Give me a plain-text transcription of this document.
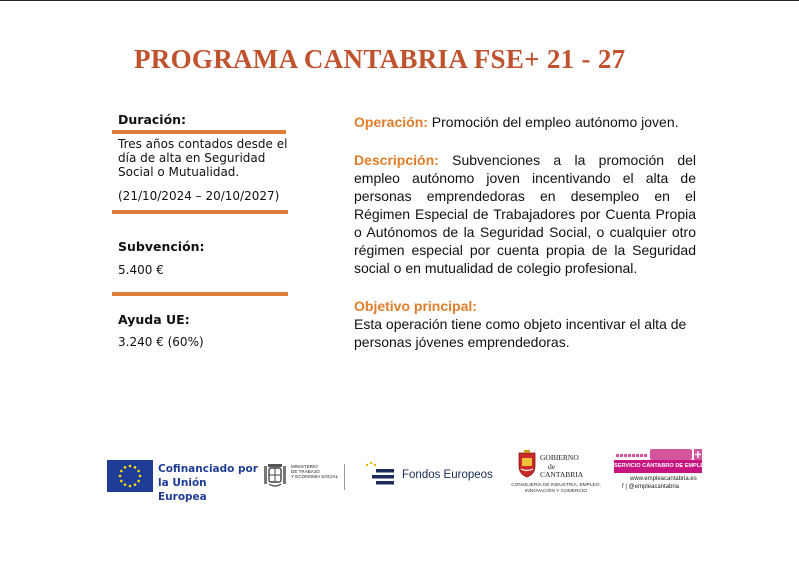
PROGRAMA CANTABRIA FSE+ 21 - 27
Duración:
Tres años contados desde el día de alta en Seguridad Social o Mutualidad.
(21/10/2024 – 20/10/2027)
Subvención:
5.400 €
Ayuda UE:
3.240 € (60%)

Operación: Promoción del empleo autónomo joven.

Descripción: Subvenciones a la promoción del empleo autónomo joven incentivando el alta de personas emprendedoras en desempleo en el Régimen Especial de Trabajadores por Cuenta Propia o Autónomos de la Seguridad Social, o cualquier otro régimen especial por cuenta propia de la Seguridad social o en mutualidad de colegio profesional.

Objetivo principal:
Esta operación tiene como objeto incentivar el alta de personas jóvenes emprendedoras.

Cofinanciado por
la Unión Europea
MINISTERIO
DE TRABAJO
Y ECONOMÍA SOCIAL	Fondos Europeos
GOBIERNO
de
CANTABRIA
CONSEJERÍA DE INDUSTRIA, EMPLEO,
INNOVACIÓN Y COMERCIO
SERVICIO CÁNTABRO DE EMPLEO
www.empleacantabria.es
f | @empleacantabria
